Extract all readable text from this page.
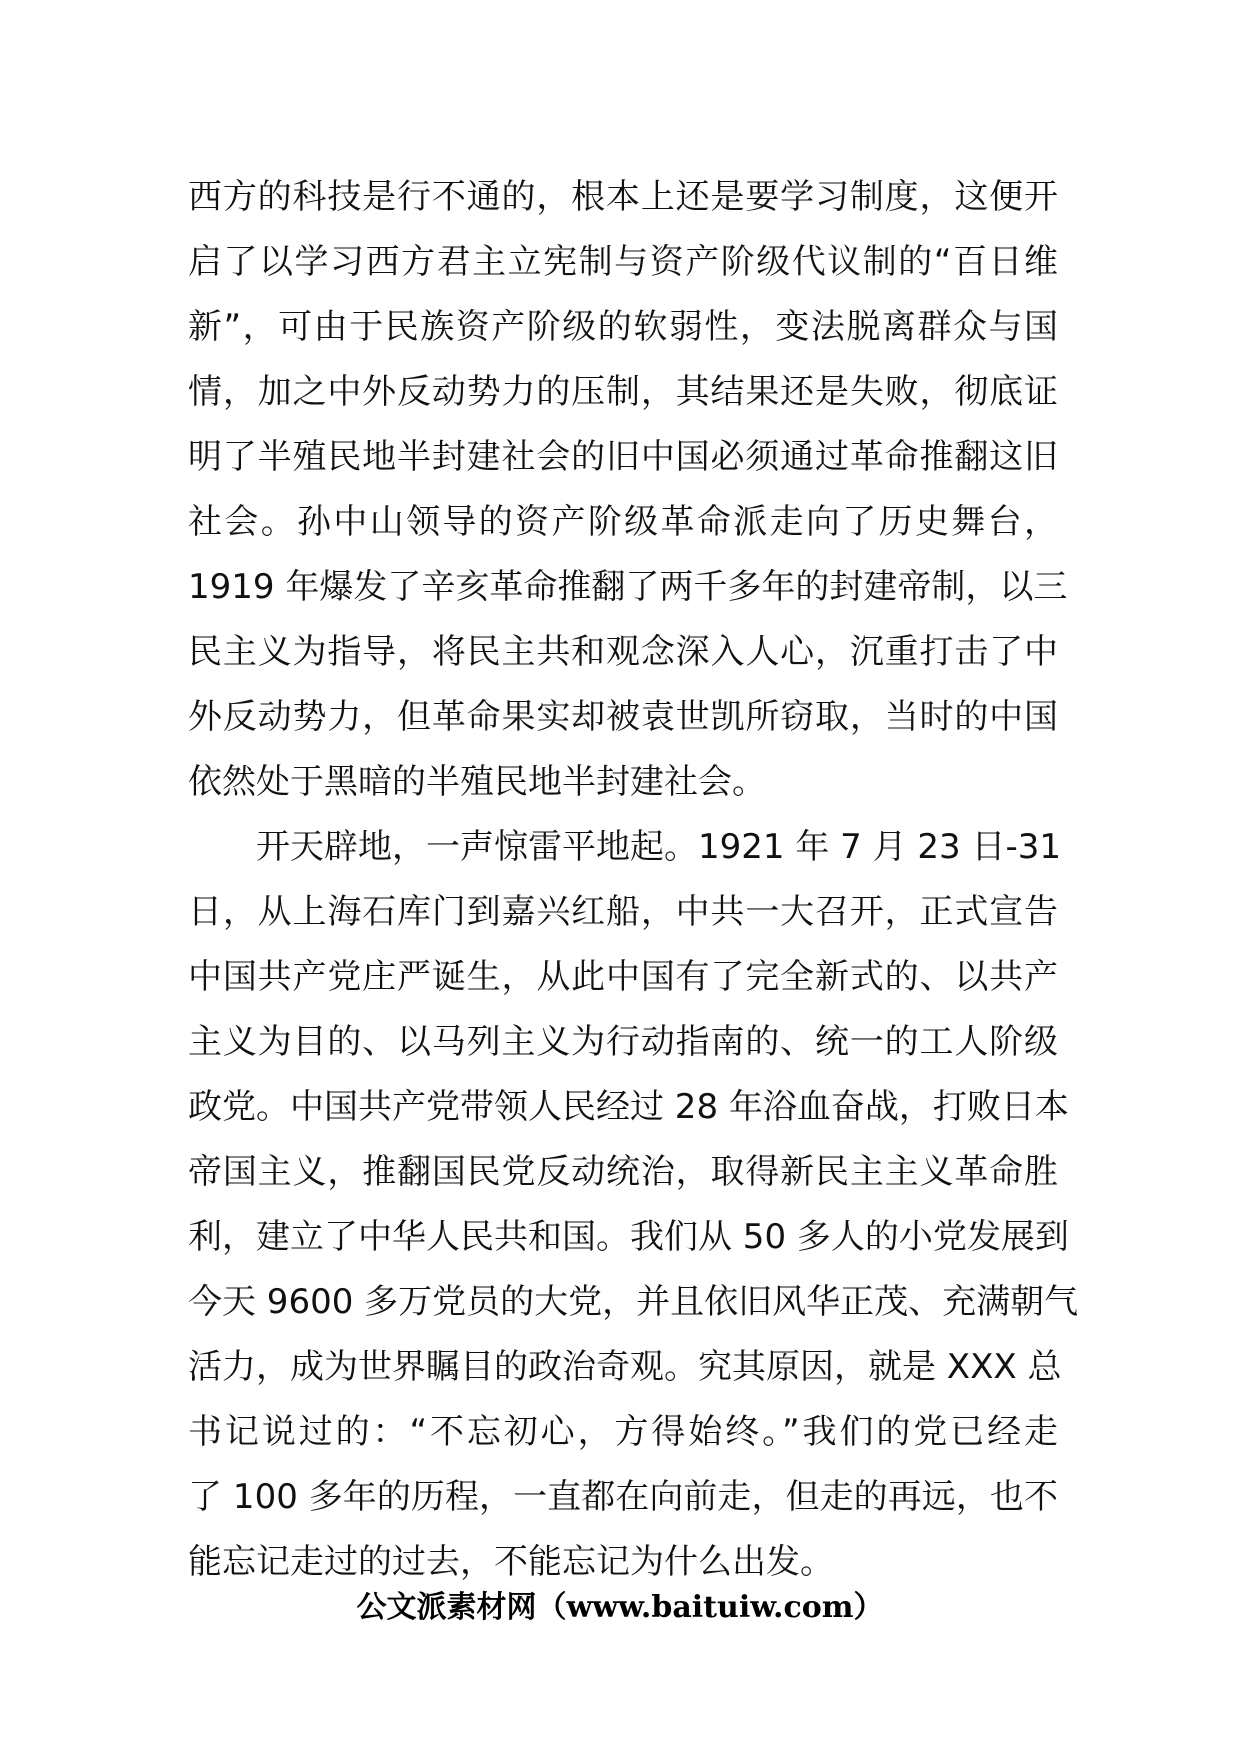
西方的科技是行不通的，根本上还是要学习制度，这便开
启了以学习西方君主立宪制与资产阶级代议制的“百日维
新”，可由于民族资产阶级的软弱性，变法脱离群众与国
情，加之中外反动势力的压制，其结果还是失败，彻底证
明了半殖民地半封建社会的旧中国必须通过革命推翻这旧
社会。孙中山领导的资产阶级革命派走向了历史舞台，
1919 年爆发了辛亥革命推翻了两千多年的封建帝制，以三
民主义为指导，将民主共和观念深入人心，沉重打击了中
外反动势力，但革命果实却被袁世凯所窃取，当时的中国
依然处于黑暗的半殖民地半封建社会。
　　开天辟地，一声惊雷平地起。1921 年 7 月 23 日-31
日，从上海石库门到嘉兴红船，中共一大召开，正式宣告
中国共产党庄严诞生，从此中国有了完全新式的、以共产
主义为目的、以马列主义为行动指南的、统一的工人阶级
政党。中国共产党带领人民经过 28 年浴血奋战，打败日本
帝国主义，推翻国民党反动统治，取得新民主主义革命胜
利，建立了中华人民共和国。我们从 50 多人的小党发展到
今天 9600 多万党员的大党，并且依旧风华正茂、充满朝气
活力，成为世界瞩目的政治奇观。究其原因，就是 XXX 总
书记说过的：“不忘初心，方得始终。”我们的党已经走
了 100 多年的历程，一直都在向前走，但走的再远，也不
能忘记走过的过去，不能忘记为什么出发。
公文派素材网（www.baituiw.com）
